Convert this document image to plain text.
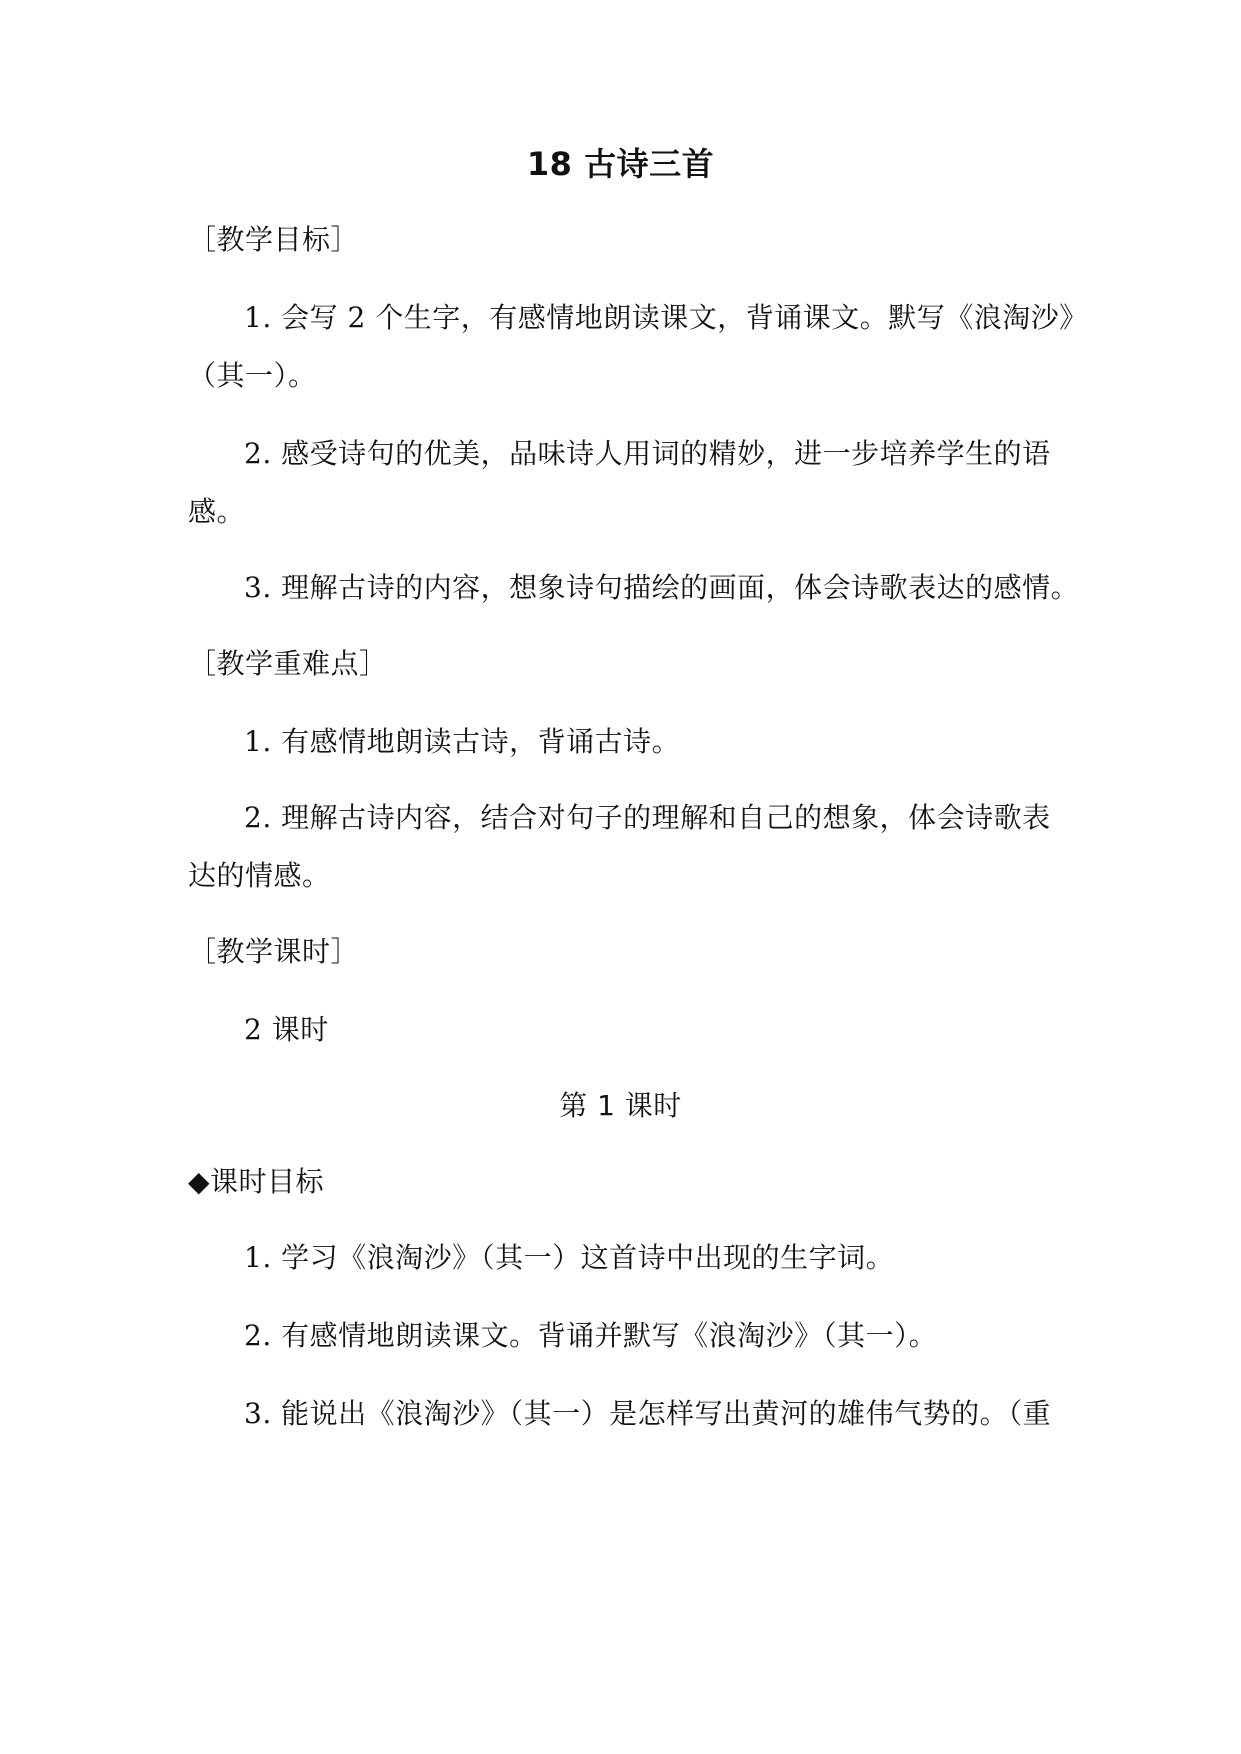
18 古诗三首
［教学目标］
1. 会写 2 个生字，有感情地朗读课文，背诵课文。默写《浪淘沙》
（其一）。
2. 感受诗句的优美，品味诗人用词的精妙，进一步培养学生的语
感。
3. 理解古诗的内容，想象诗句描绘的画面，体会诗歌表达的感情。
［教学重难点］
1. 有感情地朗读古诗，背诵古诗。
2. 理解古诗内容，结合对句子的理解和自己的想象，体会诗歌表
达的情感。
［教学课时］
2 课时
第 1 课时
◆课时目标
1. 学习《浪淘沙》（其一）这首诗中出现的生字词。
2. 有感情地朗读课文。背诵并默写《浪淘沙》（其一）。
3. 能说出《浪淘沙》（其一）是怎样写出黄河的雄伟气势的。（重
